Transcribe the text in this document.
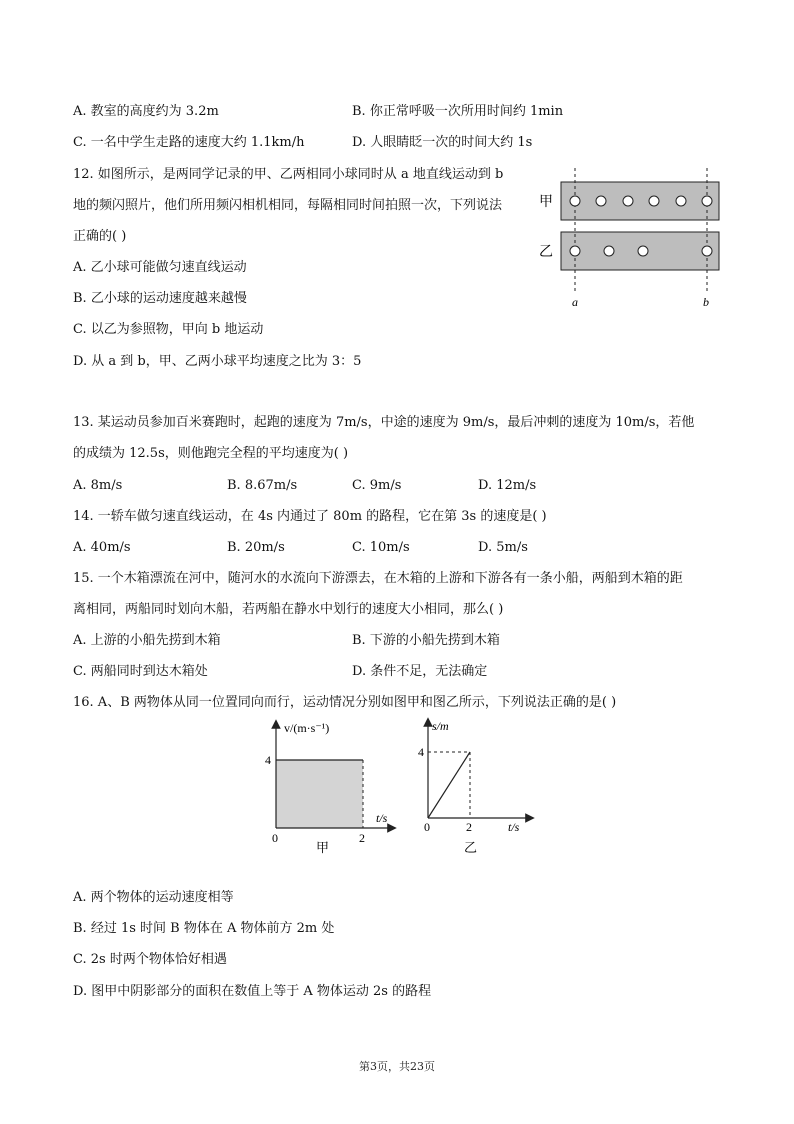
A. 教室的高度约为 3.2m	B. 你正常呼吸一次所用时间约 1min
C. 一名中学生走路的速度大约 1.1km/h	D. 人眼睛眨一次的时间大约 1s
12. 如图所示，是两同学记录的甲、乙两相同小球同时从 a 地直线运动到 b
地的频闪照片，他们所用频闪相机相同，每隔相同时间拍照一次，下列说法
正确的( )
A. 乙小球可能做匀速直线运动
B. 乙小球的运动速度越来越慢
C. 以乙为参照物，甲向 b 地运动
D. 从 a 到 b，甲、乙两小球平均速度之比为 3：5
甲
乙
a	b
13. 某运动员参加百米赛跑时，起跑的速度为 7m/s，中途的速度为 9m/s，最后冲刺的速度为 10m/s，若他
的成绩为 12.5s，则他跑完全程的平均速度为( )
A. 8m/s	B. 8.67m/s	C. 9m/s	D. 12m/s
14. 一轿车做匀速直线运动，在 4s 内通过了 80m 的路程，它在第 3s 的速度是( )
A. 40m/s	B. 20m/s	C. 10m/s	D. 5m/s
15. 一个木箱漂流在河中，随河水的水流向下游漂去，在木箱的上游和下游各有一条小船，两船到木箱的距
离相同，两船同时划向木船，若两船在静水中划行的速度大小相同，那么( )
A. 上游的小船先捞到木箱	B. 下游的小船先捞到木箱
C. 两船同时到达木箱处	D. 条件不足，无法确定
16. A、B 两物体从同一位置同向而行，运动情况分别如图甲和图乙所示，下列说法正确的是( )
v/(m·s⁻¹)
t/s
4
2
0
甲
s/m
t/s
4
2
0
乙
A. 两个物体的运动速度相等
B. 经过 1s 时间 B 物体在 A 物体前方 2m 处
C. 2s 时两个物体恰好相遇
D. 图甲中阴影部分的面积在数值上等于 A 物体运动 2s 的路程
第3页，共23页
